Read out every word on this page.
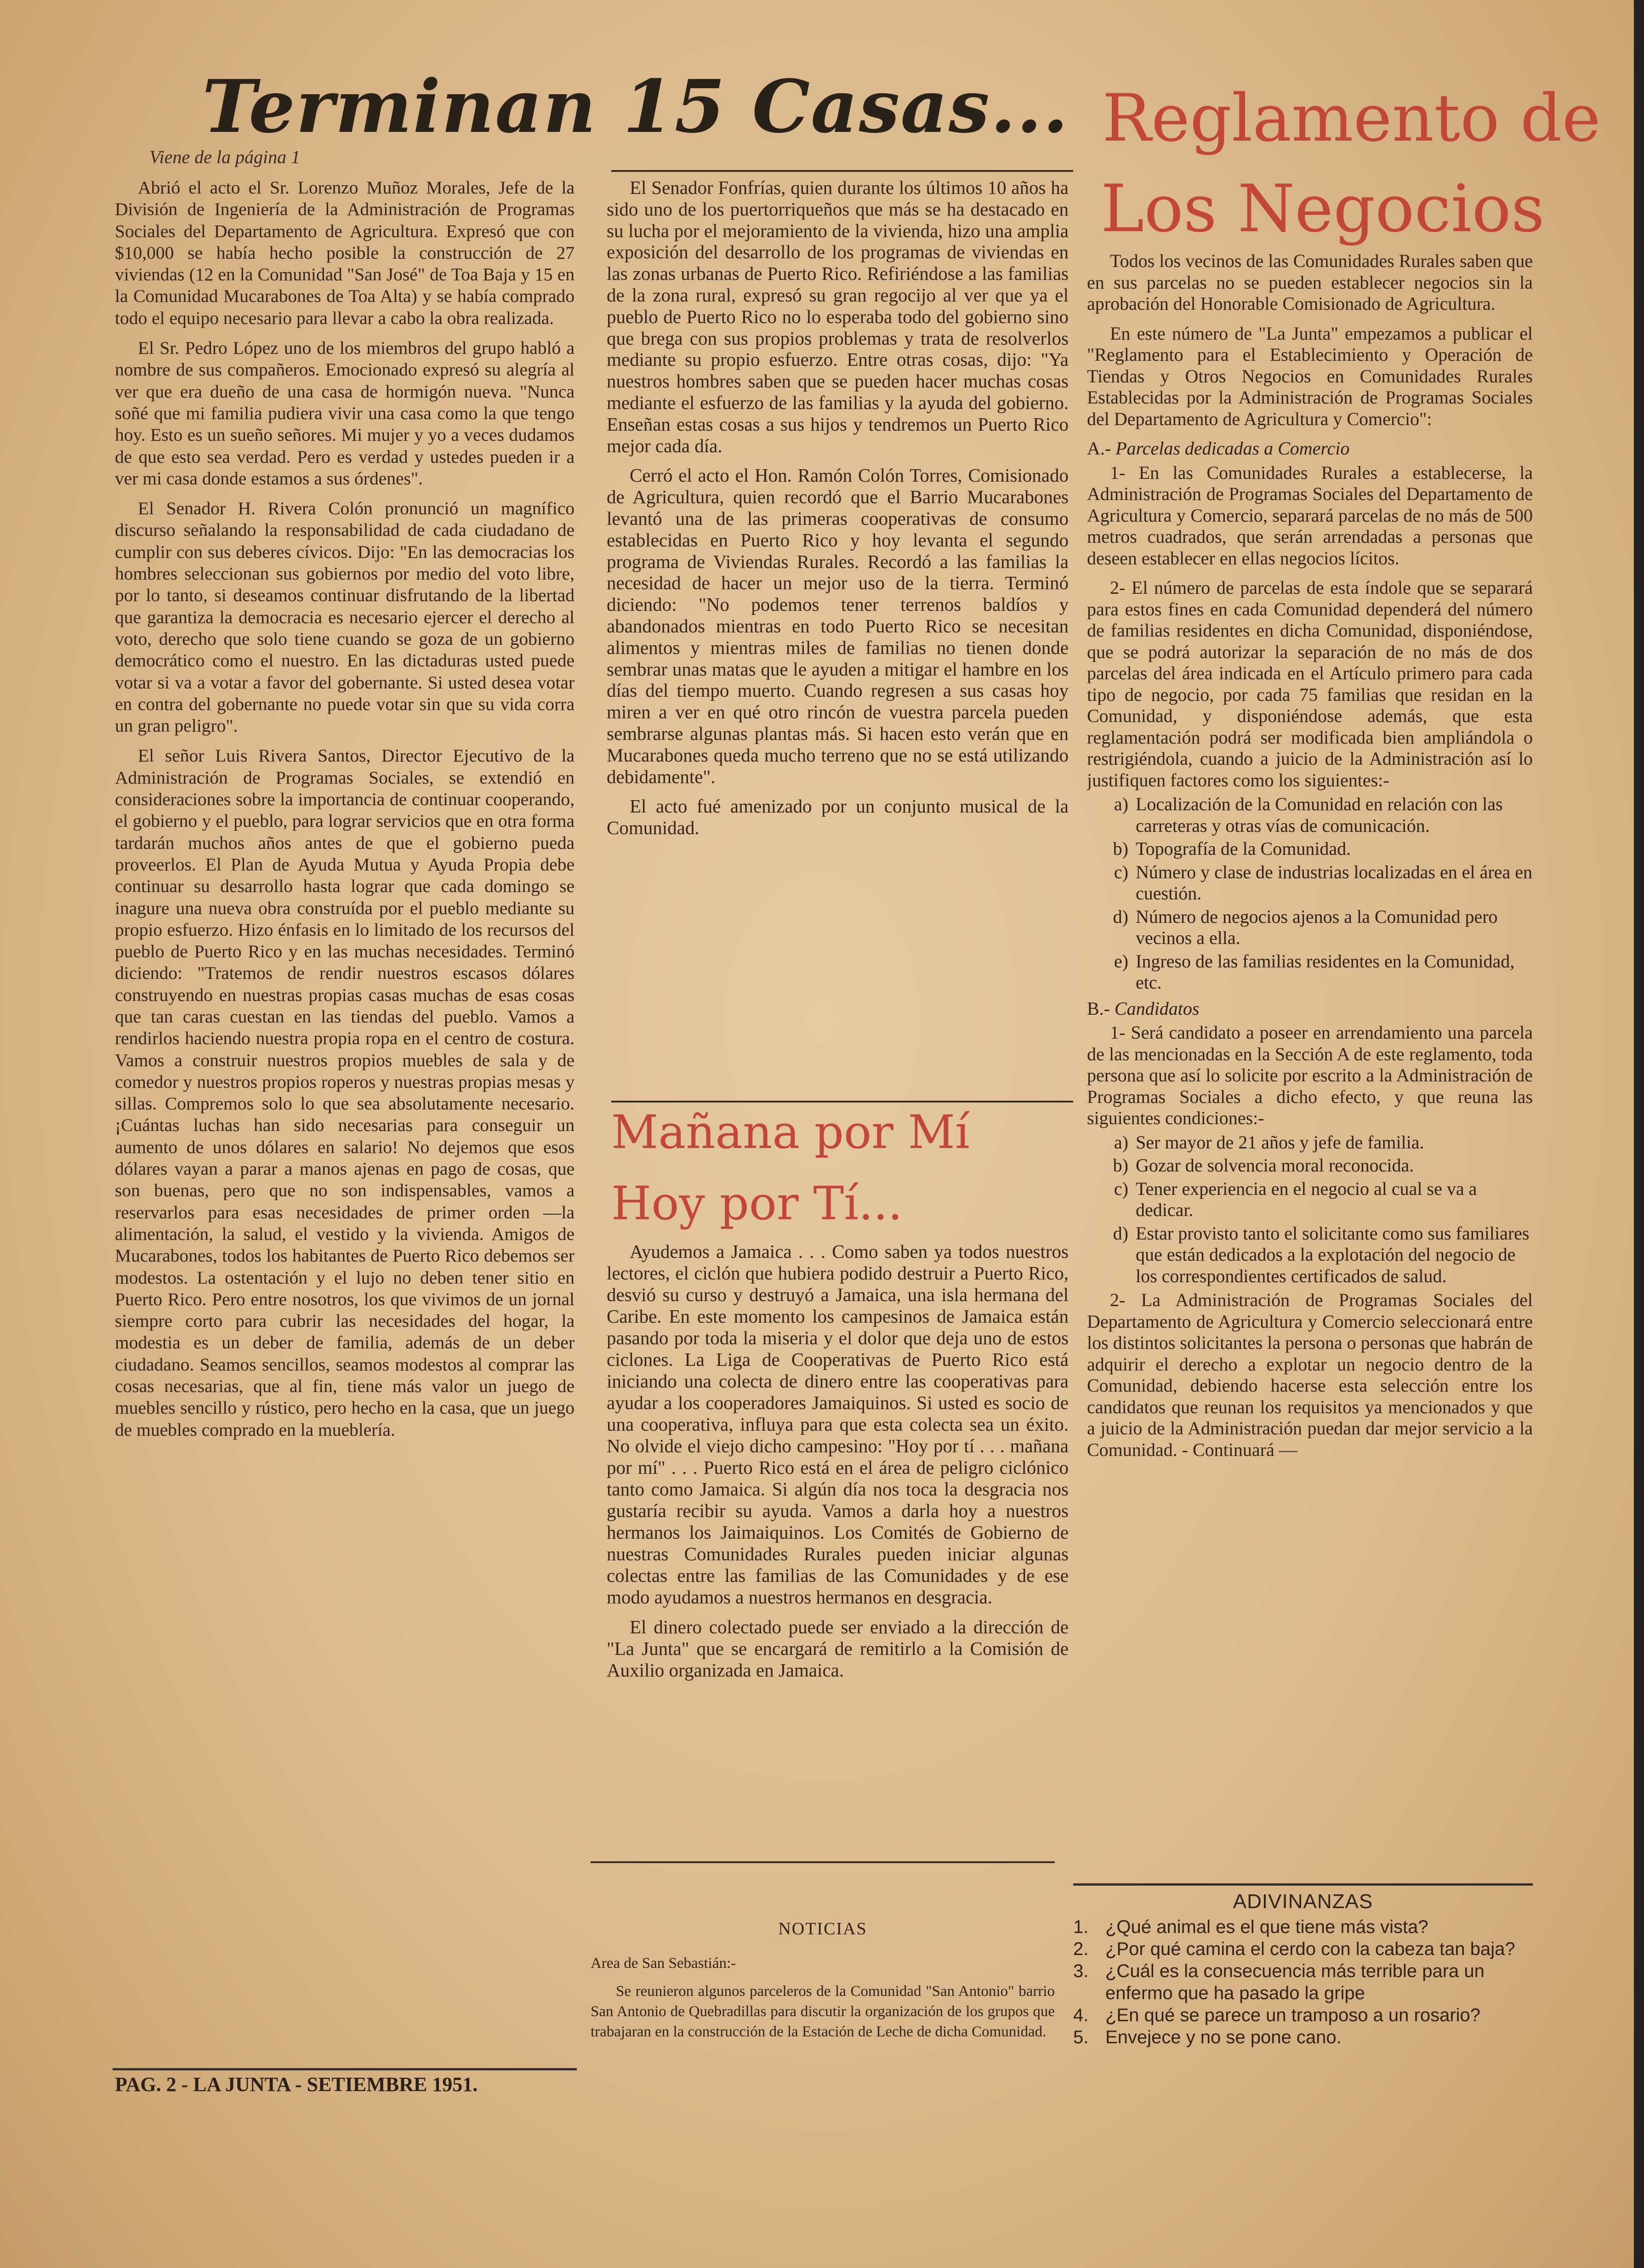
Terminan 15 Casas...
Viene de la página 1
Reglamento de
Los Negocios

Abrió el acto el Sr. Lorenzo Muñoz Morales, Jefe de la División de Ingeniería de la Administración de Programas Sociales del Departamento de Agricultura. Expresó que con $10,000 se había hecho posible la construcción de 27 viviendas (12 en la Comunidad "San José" de Toa Baja y 15 en la Comunidad Mucarabones de Toa Alta) y se había comprado todo el equipo necesario para llevar a cabo la obra realizada.

El Sr. Pedro López uno de los miembros del grupo habló a nombre de sus compañeros. Emocionado expresó su alegría al ver que era dueño de una casa de hormigón nueva. "Nunca soñé que mi familia pudiera vivir una casa como la que tengo hoy. Esto es un sueño señores. Mi mujer y yo a veces dudamos de que esto sea verdad. Pero es verdad y ustedes pueden ir a ver mi casa donde estamos a sus órdenes".

El Senador H. Rivera Colón pronunció un magnífico discurso señalando la responsabilidad de cada ciudadano de cumplir con sus deberes cívicos. Dijo: "En las democracias los hombres seleccionan sus gobiernos por medio del voto libre, por lo tanto, si deseamos continuar disfrutando de la libertad que garantiza la democracia es necesario ejercer el derecho al voto, derecho que solo tiene cuando se goza de un gobierno democrático como el nuestro. En las dictaduras usted puede votar si va a votar a favor del gobernante. Si usted desea votar en contra del gobernante no puede votar sin que su vida corra un gran peligro".

El señor Luis Rivera Santos, Director Ejecutivo de la Administración de Programas Sociales, se extendió en consideraciones sobre la importancia de continuar cooperando, el gobierno y el pueblo, para lograr servicios que en otra forma tardarán muchos años antes de que el gobierno pueda proveerlos. El Plan de Ayuda Mutua y Ayuda Propia debe continuar su desarrollo hasta lograr que cada domingo se inagure una nueva obra construída por el pueblo mediante su propio esfuerzo. Hizo énfasis en lo limitado de los recursos del pueblo de Puerto Rico y en las muchas necesidades. Terminó diciendo: "Tratemos de rendir nuestros escasos dólares construyendo en nuestras propias casas muchas de esas cosas que tan caras cuestan en las tiendas del pueblo. Vamos a rendirlos haciendo nuestra propia ropa en el centro de costura. Vamos a construir nuestros propios muebles de sala y de comedor y nuestros propios roperos y nuestras propias mesas y sillas. Compremos solo lo que sea absolutamente necesario. ¡Cuántas luchas han sido necesarias para conseguir un aumento de unos dólares en salario! No dejemos que esos dólares vayan a parar a manos ajenas en pago de cosas, que son buenas, pero que no son indispensables, vamos a reservarlos para esas necesidades de primer orden —la alimentación, la salud, el vestido y la vivienda. Amigos de Mucarabones, todos los habitantes de Puerto Rico debemos ser modestos. La ostentación y el lujo no deben tener sitio en Puerto Rico. Pero entre nosotros, los que vivimos de un jornal siempre corto para cubrir las necesidades del hogar, la modestia es un deber de familia, además de un deber ciudadano. Seamos sencillos, seamos modestos al comprar las cosas necesarias, que al fin, tiene más valor un juego de muebles sencillo y rústico, pero hecho en la casa, que un juego de muebles comprado en la mueblería.

PAG. 2 - LA JUNTA - SETIEMBRE 1951.

El Senador Fonfrías, quien durante los últimos 10 años ha sido uno de los puertorriqueños que más se ha destacado en su lucha por el mejoramiento de la vivienda, hizo una amplia exposición del desarrollo de los programas de viviendas en las zonas urbanas de Puerto Rico. Refiriéndose a las familias de la zona rural, expresó su gran regocijo al ver que ya el pueblo de Puerto Rico no lo esperaba todo del gobierno sino que brega con sus propios problemas y trata de resolverlos mediante su propio esfuerzo. Entre otras cosas, dijo: "Ya nuestros hombres saben que se pueden hacer muchas cosas mediante el esfuerzo de las familias y la ayuda del gobierno. Enseñan estas cosas a sus hijos y tendremos un Puerto Rico mejor cada día.

Cerró el acto el Hon. Ramón Colón Torres, Comisionado de Agricultura, quien recordó que el Barrio Mucarabones levantó una de las primeras cooperativas de consumo establecidas en Puerto Rico y hoy levanta el segundo programa de Viviendas Rurales. Recordó a las familias la necesidad de hacer un mejor uso de la tierra. Terminó diciendo: "No podemos tener terrenos baldíos y abandonados mientras en todo Puerto Rico se necesitan alimentos y mientras miles de familias no tienen donde sembrar unas matas que le ayuden a mitigar el hambre en los días del tiempo muerto. Cuando regresen a sus casas hoy miren a ver en qué otro rincón de vuestra parcela pueden sembrarse algunas plantas más. Si hacen esto verán que en Mucarabones queda mucho terreno que no se está utilizando debidamente".

El acto fué amenizado por un conjunto musical de la Comunidad.

Mañana por Mí
Hoy por Tí...

Ayudemos a Jamaica . . . Como saben ya todos nuestros lectores, el ciclón que hubiera podido destruir a Puerto Rico, desvió su curso y destruyó a Jamaica, una isla hermana del Caribe. En este momento los campesinos de Jamaica están pasando por toda la miseria y el dolor que deja uno de estos ciclones. La Liga de Cooperativas de Puerto Rico está iniciando una colecta de dinero entre las cooperativas para ayudar a los cooperadores Jamaiquinos. Si usted es socio de una cooperativa, influya para que esta colecta sea un éxito. No olvide el viejo dicho campesino: "Hoy por tí . . . mañana por mí" . . . Puerto Rico está en el área de peligro ciclónico tanto como Jamaica. Si algún día nos toca la desgracia nos gustaría recibir su ayuda. Vamos a darla hoy a nuestros hermanos los Jaimaiquinos. Los Comités de Gobierno de nuestras Comunidades Rurales pueden iniciar algunas colectas entre las familias de las Comunidades y de ese modo ayudamos a nuestros hermanos en desgracia.

El dinero colectado puede ser enviado a la dirección de "La Junta" que se encargará de remitirlo a la Comisión de Auxilio organizada en Jamaica.

NOTICIAS
Area de San Sebastián:-

Se reunieron algunos parceleros de la Comunidad "San Antonio" barrio San Antonio de Quebradillas para discutir la organización de los grupos que trabajaran en la construcción de la Estación de Leche de dicha Comunidad.

Todos los vecinos de las Comunidades Rurales saben que en sus parcelas no se pueden establecer negocios sin la aprobación del Honorable Comisionado de Agricultura.

En este número de "La Junta" empezamos a publicar el "Reglamento para el Establecimiento y Operación de Tiendas y Otros Negocios en Comunidades Rurales Establecidas por la Administración de Programas Sociales del Departamento de Agricultura y Comercio":

A.- Parcelas dedicadas a Comercio

1- En las Comunidades Rurales a establecerse, la Administración de Programas Sociales del Departamento de Agricultura y Comercio, separará parcelas de no más de 500 metros cuadrados, que serán arrendadas a personas que deseen establecer en ellas negocios lícitos.

2- El número de parcelas de esta índole que se separará para estos fines en cada Comunidad dependerá del número de familias residentes en dicha Comunidad, disponiéndose, que se podrá autorizar la separación de no más de dos parcelas del área indicada en el Artículo primero para cada tipo de negocio, por cada 75 familias que residan en la Comunidad, y disponiéndose además, que esta reglamentación podrá ser modificada bien ampliándola o restrigiéndola, cuando a juicio de la Administración así lo justifiquen factores como los siguientes:-

a) Localización de la Comunidad en relación con las carreteras y otras vías de comunicación.
b) Topografía de la Comunidad.
c) Número y clase de industrias localizadas en el área en cuestión.
d) Número de negocios ajenos a la Comunidad pero vecinos a ella.
e) Ingreso de las familias residentes en la Comunidad, etc.
B.- Candidatos

1- Será candidato a poseer en arrendamiento una parcela de las mencionadas en la Sección A de este reglamento, toda persona que así lo solicite por escrito a la Administración de Programas Sociales a dicho efecto, y que reuna las siguientes condiciones:-

a) Ser mayor de 21 años y jefe de familia.
b) Gozar de solvencia moral reconocida.
c) Tener experiencia en el negocio al cual se va a dedicar.
d) Estar provisto tanto el solicitante como sus familiares que están dedicados a la explotación del negocio de los correspondientes certificados de salud.

2- La Administración de Programas Sociales del Departamento de Agricultura y Comercio seleccionará entre los distintos solicitantes la persona o personas que habrán de adquirir el derecho a explotar un negocio dentro de la Comunidad, debiendo hacerse esta selección entre los candidatos que reunan los requisitos ya mencionados y que a juicio de la Administración puedan dar mejor servicio a la Comunidad. - Continuará —

ADIVINANZAS
1. ¿Qué animal es el que tiene más vista?
2. ¿Por qué camina el cerdo con la cabeza tan baja?
3. ¿Cuál es la consecuencia más terrible para un enfermo que ha pasado la gripe
4. ¿En qué se parece un tramposo a un rosario?
5. Envejece y no se pone cano.
